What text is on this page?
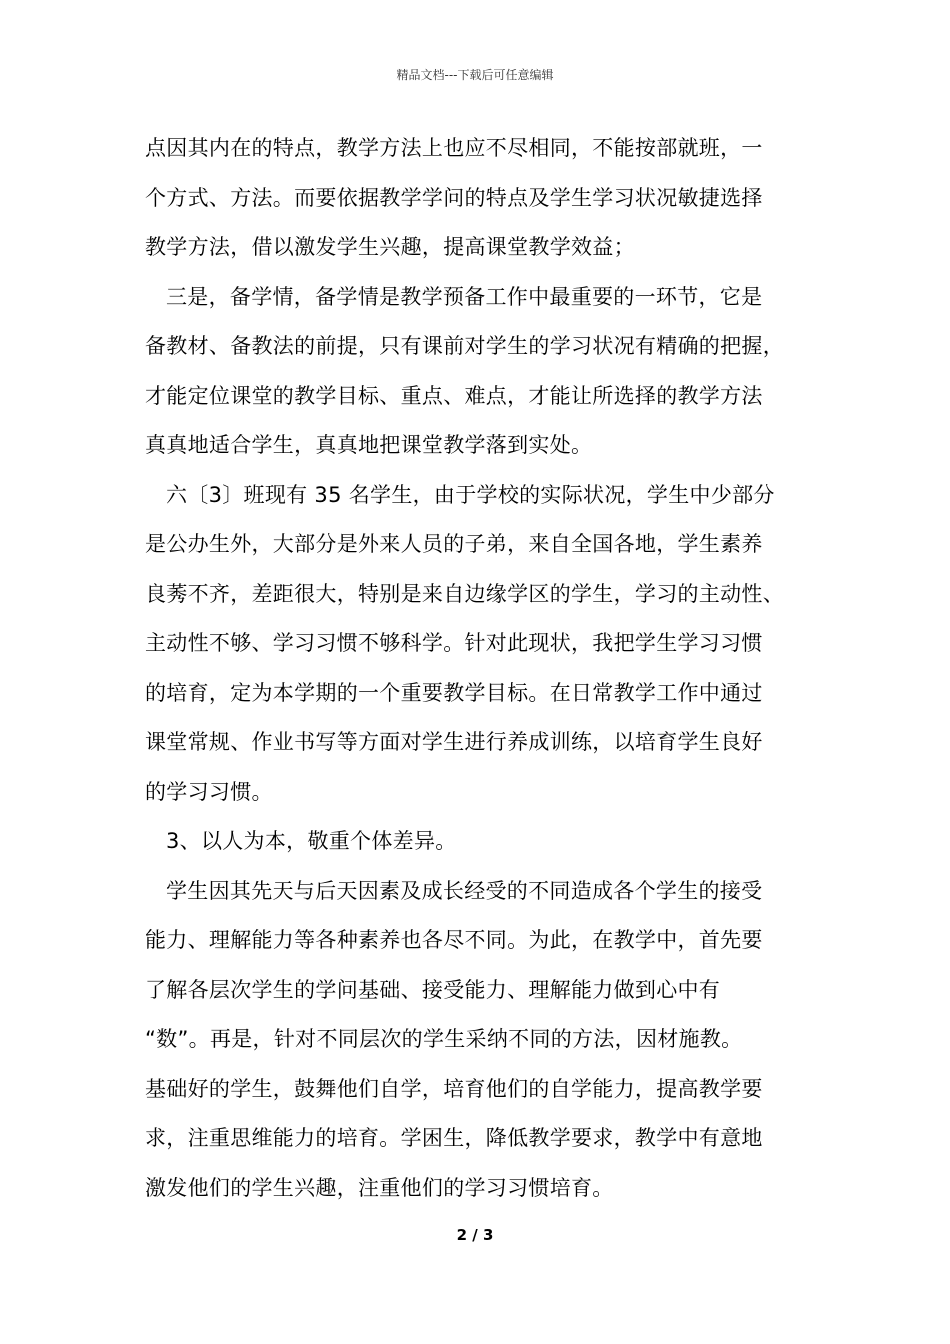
精品文档---下载后可任意编辑
点因其内在的特点，教学方法上也应不尽相同，不能按部就班，一
个方式、方法。而要依据教学学问的特点及学生学习状况敏捷选择
教学方法，借以激发学生兴趣，提高课堂教学效益；
三是，备学情，备学情是教学预备工作中最重要的一环节，它是
备教材、备教法的前提，只有课前对学生的学习状况有精确的把握，
才能定位课堂的教学目标、重点、难点，才能让所选择的教学方法
真真地适合学生，真真地把课堂教学落到实处。
六〔3〕班现有 35 名学生，由于学校的实际状况，学生中少部分
是公办生外，大部分是外来人员的子弟，来自全国各地，学生素养
良莠不齐，差距很大，特别是来自边缘学区的学生，学习的主动性、
主动性不够、学习习惯不够科学。针对此现状，我把学生学习习惯
的培育，定为本学期的一个重要教学目标。在日常教学工作中通过
课堂常规、作业书写等方面对学生进行养成训练，以培育学生良好
的学习习惯。
3、以人为本，敬重个体差异。
学生因其先天与后天因素及成长经受的不同造成各个学生的接受
能力、理解能力等各种素养也各尽不同。为此，在教学中，首先要
了解各层次学生的学问基础、接受能力、理解能力做到心中有
“数”。再是，针对不同层次的学生采纳不同的方法，因材施教。
基础好的学生，鼓舞他们自学，培育他们的自学能力，提高教学要
求，注重思维能力的培育。学困生，降低教学要求，教学中有意地
激发他们的学生兴趣，注重他们的学习习惯培育。
2 / 3
